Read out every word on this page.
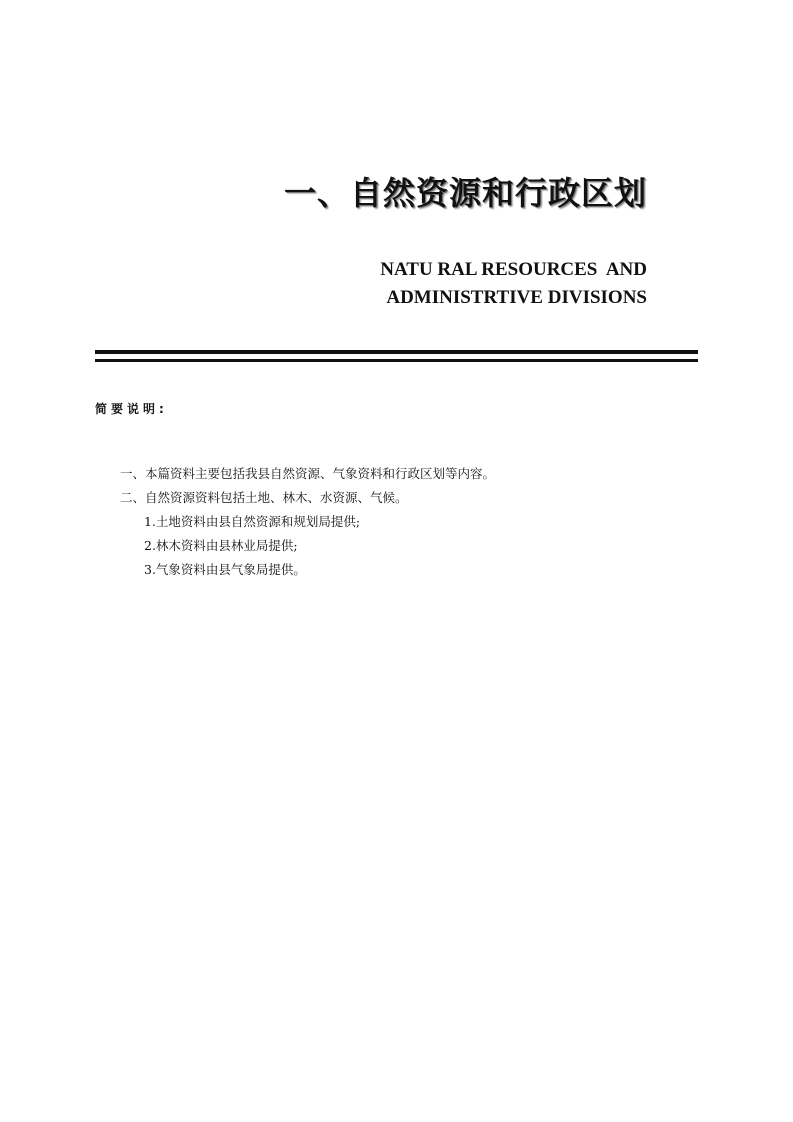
一、自然资源和行政区划
NATU RAL RESOURCES  AND
ADMINISTRTIVE DIVISIONS
简要说明:
一、本篇资料主要包括我县自然资源、气象资料和行政区划等内容。
二、自然资源资料包括土地、林木、水资源、气候。
1.土地资料由县自然资源和规划局提供;
2.林木资料由县林业局提供;
3.气象资料由县气象局提供。
